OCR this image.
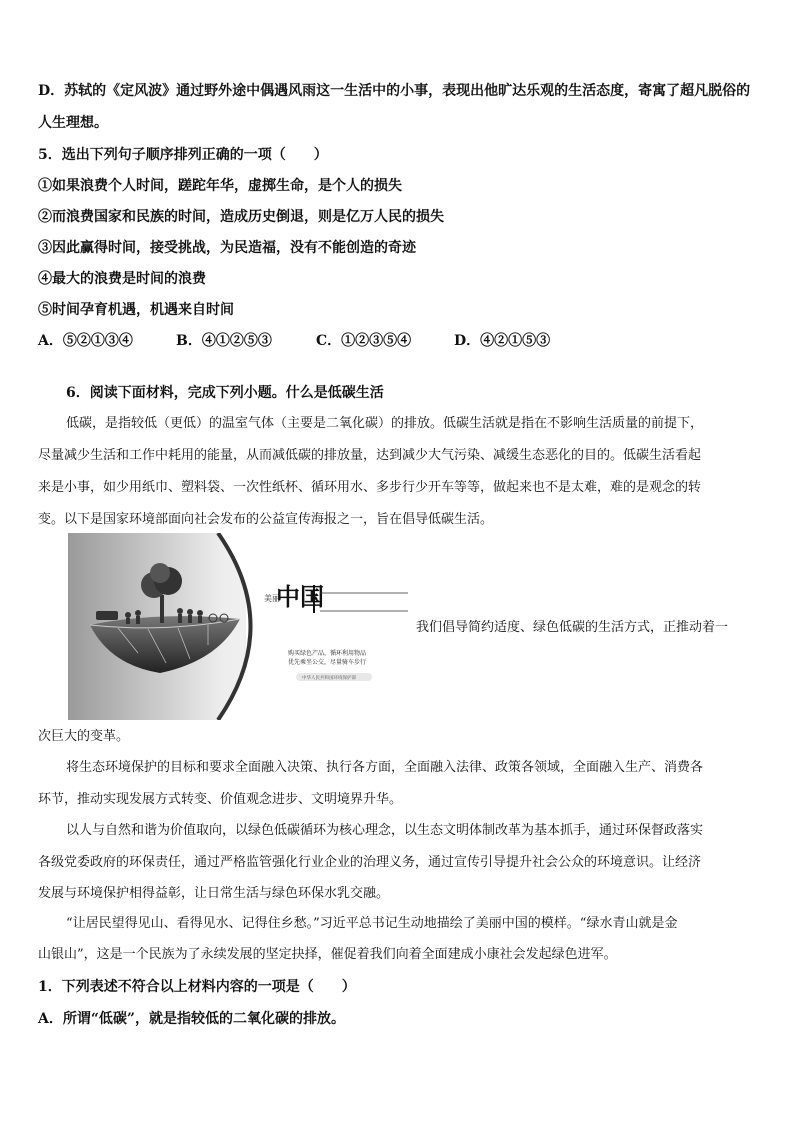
D．苏轼的《定风波》通过野外途中偶遇风雨这一生活中的小事，表现出他旷达乐观的生活态度，寄寓了超凡脱俗的
人生理想。
5．选出下列句子顺序排列正确的一项（　　）
①如果浪费个人时间，蹉跎年华，虚掷生命，是个人的损失
②而浪费国家和民族的时间，造成历史倒退，则是亿万人民的损失
③因此赢得时间，接受挑战，为民造福，没有不能创造的奇迹
④最大的浪费是时间的浪费
⑤时间孕育机遇，机遇来自时间
A．⑤②①③④	B．④①②⑤③	C．①②③⑤④	D．④②①⑤③
6．阅读下面材料，完成下列小题。什么是低碳生活
低碳，是指较低（更低）的温室气体（主要是二氧化碳）的排放。低碳生活就是指在不影响生活质量的前提下，
尽量减少生活和工作中耗用的能量，从而减低碳的排放量，达到减少大气污染、减缓生态恶化的目的。低碳生活看起
来是小事，如少用纸巾、塑料袋、一次性纸杯、循环用水、多步行少开车等等，做起来也不是太难，难的是观念的转
变。以下是国家环境部面向社会发布的公益宣传海报之一，旨在倡导低碳生活。
美丽
中国
购买绿色产品，循环利用物品
优先乘坐公交，尽量骑车步行
中华人民共和国环境保护部
我们倡导简约适度、绿色低碳的生活方式，正推动着一
次巨大的变革。
将生态环境保护的目标和要求全面融入决策、执行各方面，全面融入法律、政策各领域，全面融入生产、消费各
环节，推动实现发展方式转变、价值观念进步、文明境界升华。
以人与自然和谐为价值取向，以绿色低碳循环为核心理念，以生态文明体制改革为基本抓手，通过环保督政落实
各级党委政府的环保责任，通过严格监管强化行业企业的治理义务，通过宣传引导提升社会公众的环境意识。让经济
发展与环境保护相得益彰，让日常生活与绿色环保水乳交融。
“让居民望得见山、看得见水、记得住乡愁。”习近平总书记生动地描绘了美丽中国的模样。“绿水青山就是金
山银山”，这是一个民族为了永续发展的坚定抉择，催促着我们向着全面建成小康社会发起绿色进军。
1．下列表述不符合以上材料内容的一项是（　　）
A．所谓“低碳”，就是指较低的二氧化碳的排放。
